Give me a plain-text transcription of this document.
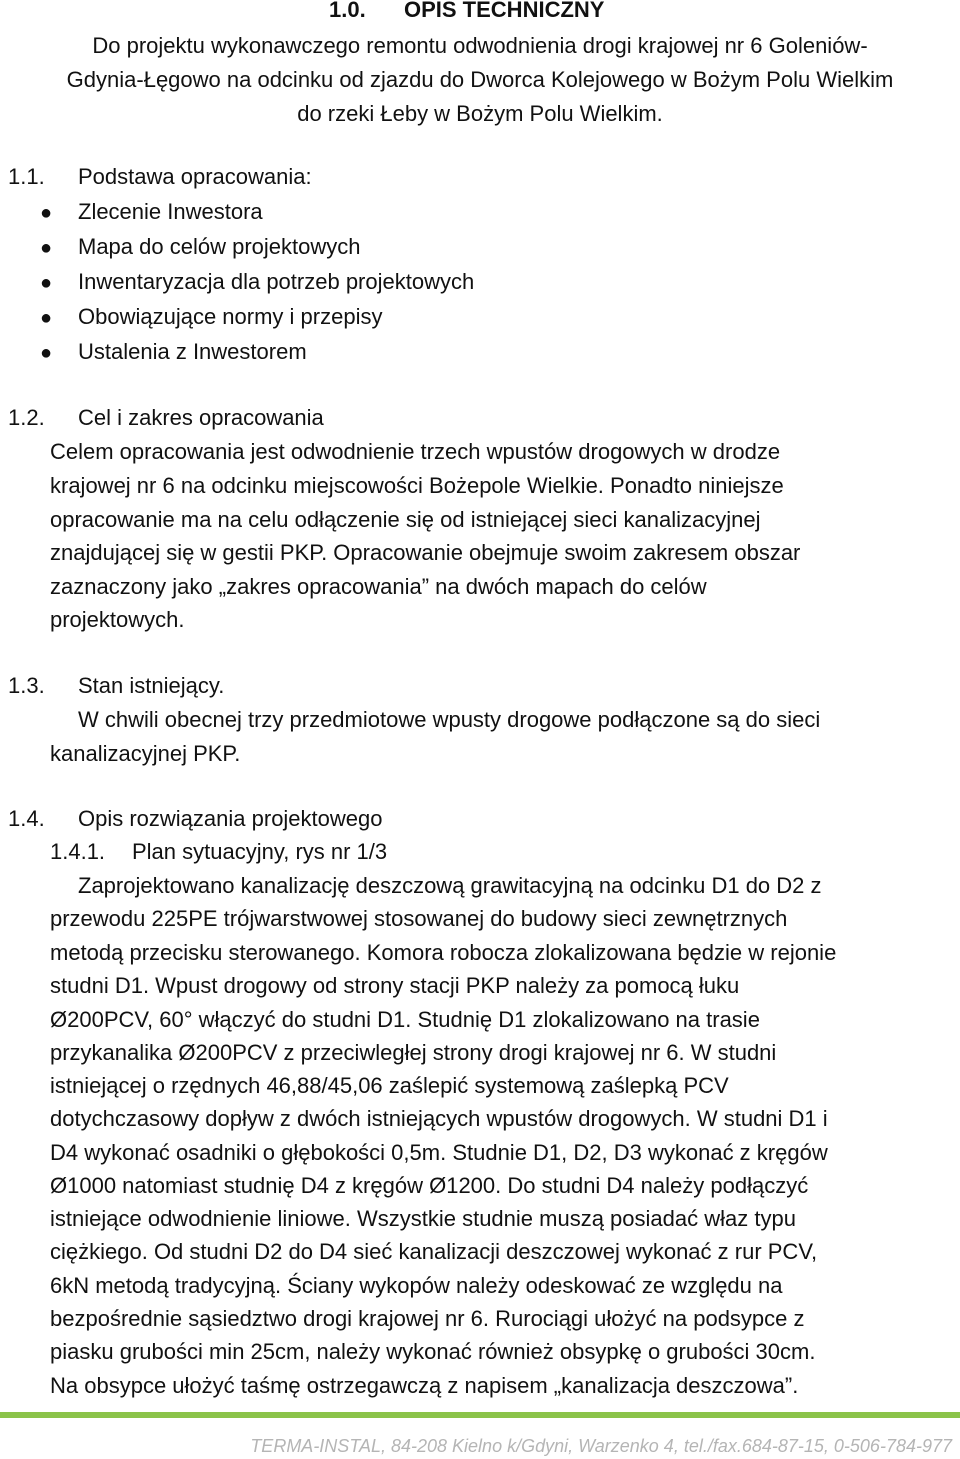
1.0. OPIS TECHNICZNY
Do projektu wykonawczego remontu odwodnienia drogi krajowej nr 6 Goleniów-
Gdynia-Łęgowo na odcinku od zjazdu do Dworca Kolejowego w Bożym Polu Wielkim
do rzeki Łeby w Bożym Polu Wielkim.
1.1. Podstawa opracowania:
● Zlecenie Inwestora
● Mapa do celów projektowych
● Inwentaryzacja dla potrzeb projektowych
● Obowiązujące normy i przepisy
● Ustalenia z Inwestorem
1.2. Cel i zakres opracowania
Celem opracowania jest odwodnienie trzech wpustów drogowych w drodze
krajowej nr 6 na odcinku miejscowości Bożepole Wielkie. Ponadto niniejsze
opracowanie ma na celu odłączenie się od istniejącej sieci kanalizacyjnej
znajdującej się w gestii PKP. Opracowanie obejmuje swoim zakresem obszar
zaznaczony jako „zakres opracowania” na dwóch mapach do celów
projektowych.
1.3. Stan istniejący.
W chwili obecnej trzy przedmiotowe wpusty drogowe podłączone są do sieci
kanalizacyjnej PKP.
1.4. Opis rozwiązania projektowego
1.4.1. Plan sytuacyjny, rys nr 1/3
Zaprojektowano kanalizację deszczową grawitacyjną na odcinku D1 do D2 z
przewodu 225PE trójwarstwowej stosowanej do budowy sieci zewnętrznych
metodą przecisku sterowanego. Komora robocza zlokalizowana będzie w rejonie
studni D1. Wpust drogowy od strony stacji PKP należy za pomocą łuku
Ø200PCV, 60° włączyć do studni D1. Studnię D1 zlokalizowano na trasie
przykanalika Ø200PCV z przeciwległej strony drogi krajowej nr 6. W studni
istniejącej o rzędnych 46,88/45,06 zaślepić systemową zaślepką PCV
dotychczasowy dopływ z dwóch istniejących wpustów drogowych. W studni D1 i
D4 wykonać osadniki o głębokości 0,5m. Studnie D1, D2, D3 wykonać z kręgów
Ø1000 natomiast studnię D4 z kręgów Ø1200. Do studni D4 należy podłączyć
istniejące odwodnienie liniowe. Wszystkie studnie muszą posiadać właz typu
ciężkiego. Od studni D2 do D4 sieć kanalizacji deszczowej wykonać z rur PCV,
6kN metodą tradycyjną. Ściany wykopów należy odeskować ze względu na
bezpośrednie sąsiedztwo drogi krajowej nr 6. Rurociągi ułożyć na podsypce z
piasku grubości min 25cm, należy wykonać również obsypkę o grubości 30cm.
Na obsypce ułożyć taśmę ostrzegawczą z napisem „kanalizacja deszczowa”.
TERMA-INSTAL, 84-208 Kielno k/Gdyni, Warzenko 4, tel./fax.684-87-15, 0-506-784-977
